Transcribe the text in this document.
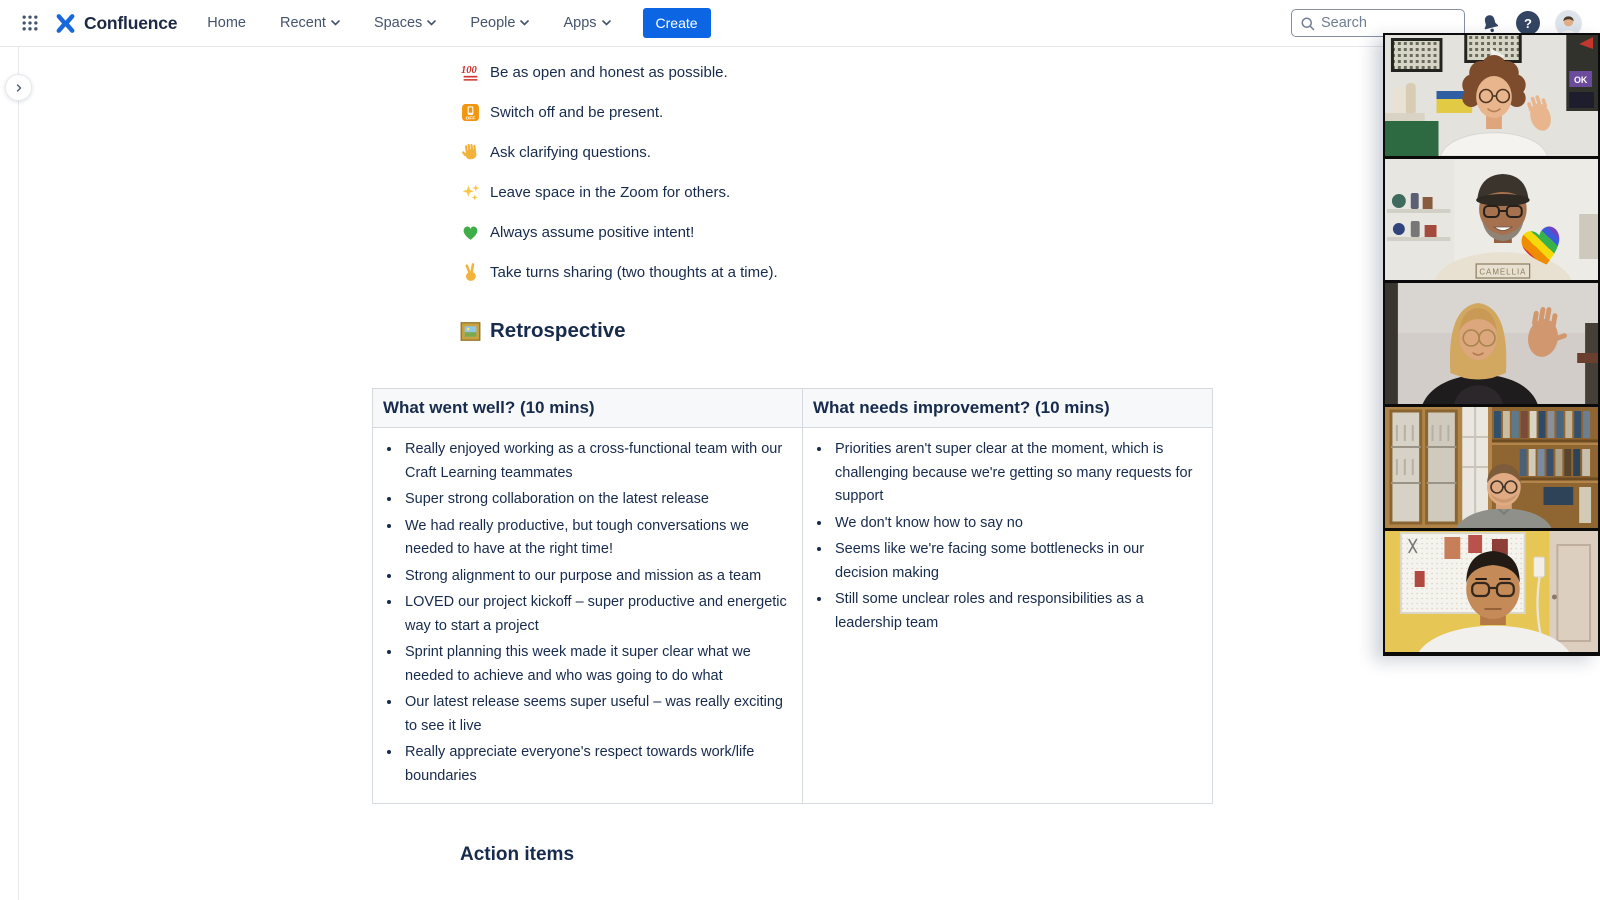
Confluence Home Recent	Spaces	People	Apps	Create
Search	?
100 Be as open and honest as possible.
OFF Switch off and be present.
Ask clarifying questions.
Leave space in the Zoom for others.
Always assume positive intent!
Take turns sharing (two thoughts at a time).
Retrospective
What went well? (10 mins)	What needs improvement? (10 mins)

• Really enjoyed working as a cross-functional team with our Craft Learning teammates
• Super strong collaboration on the latest release
• We had really productive, but tough conversations we needed to have at the right time!
• Strong alignment to our purpose and mission as a team
• LOVED our project kickoff – super productive and energetic way to start a project
• Sprint planning this week made it super clear what we needed to achieve and who was going to do what
• Our latest release seems super useful – was really exciting to see it live
• Really appreciate everyone's respect towards work/life boundaries

• Priorities aren't super clear at the moment, which is challenging because we're getting so many requests for support
• We don't know how to say no
• Seems like we're facing some bottlenecks in our decision making
• Still some unclear roles and responsibilities as a leadership team
Action items
OK
CAMELLIA
